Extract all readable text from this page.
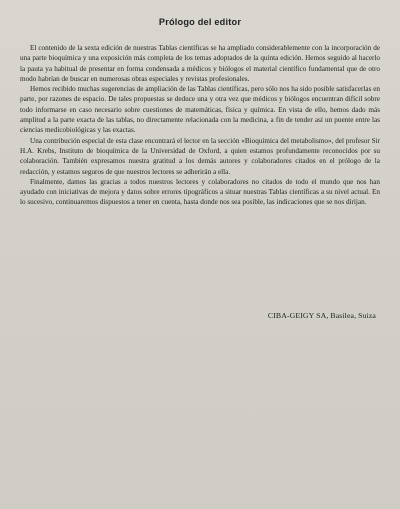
Prólogo del editor

El contenido de la sexta edición de nuestras Tablas científicas se ha ampliado considerablemente con la incorporación de una parte bioquímica y una exposición más completa de los temas adoptados de la quinta edición. Hemos seguido al hacerlo la pauta ya habitual de presentar en forma condensada a médicos y biólogos el material científico fundamental que de otro modo habrían de buscar en numerosas obras especiales y revistas profesionales.

Hemos recibido muchas sugerencias de ampliación de las Tablas científicas, pero sólo nos ha sido posible satisfacerlas en parte, por razones de espacio. De tales propuestas se deduce una y otra vez que médicos y biólogos encuentran difícil sobre todo informarse en caso necesario sobre cuestiones de matemáticas, física y química. En vista de ello, hemos dado más amplitud a la parte exacta de las tablas, no directamente relacionada con la medicina, a fin de tender así un puente entre las ciencias medicobiológicas y las exactas.

Una contribución especial de esta clase encontrará el lector en la sección «Bioquímica del metabolismo», del profesor Sir H.A. Krebs, Instituto de bioquímica de la Universidad de Oxford, a quien estamos profundamente reconocidos por su colaboración. También expresamos nuestra gratitud a los demás autores y colaboradores citados en el prólogo de la redacción, y estamos seguros de que nuestros lectores se adherirán a ella.

Finalmente, damos las gracias a todos nuestros lectores y colaboradores no citados de todo el mundo que nos han ayudado con iniciativas de mejora y datos sobre errores tipográficos a situar nuestras Tablas científicas a su nivel actual. En lo sucesivo, continuaremos dispuestos a tener en cuenta, hasta donde nos sea posible, las indicaciones que se nos dirijan.

CIBA-GEIGY SA, Basilea, Suiza
